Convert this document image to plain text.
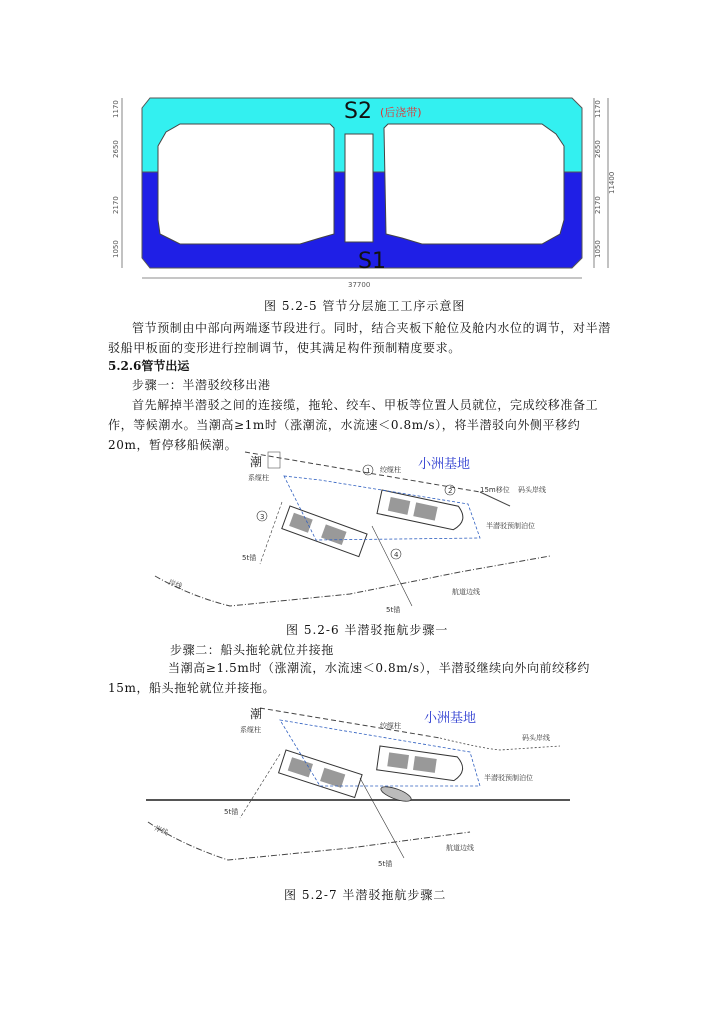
S2 (后浇带)
S1
1170
2650
2170
1050
1170
2650
11400
2170
1050
37700
图 5.2-5 管节分层施工工序示意图
管节预制由中部向两端逐节段进行。同时，结合夹板下舱位及舱内水位的调节，对半潜驳船甲板面的变形进行控制调节，使其满足构件预制精度要求。
5.2.6管节出运
步骤一：半潜驳绞移出港
首先解掉半潜驳之间的连接缆，拖轮、绞车、甲板等位置人员就位，完成绞移准备工作，等候潮水。当潮高≥1m时（涨潮流，水流速＜0.8m/s），将半潜驳向外侧平移约20m，暂停移船候潮。
潮
系缆柱
绞缆柱 小洲基地
15m移位 码头岸线
半潜驳预制泊位
5t锚
5t锚
岸线
航道边线
1
2
3
4
图 5.2-6 半潜驳拖航步骤一
步骤二：船头拖轮就位并接拖
当潮高≥1.5m时（涨潮流，水流速＜0.8m/s），半潜驳继续向外向前绞移约15m，船头拖轮就位并接拖。
潮
系缆柱	绞缆柱 小洲基地
码头岸线
半潜驳预制泊位
5t锚
5t锚
岸线
航道边线
图 5.2-7 半潜驳拖航步骤二
